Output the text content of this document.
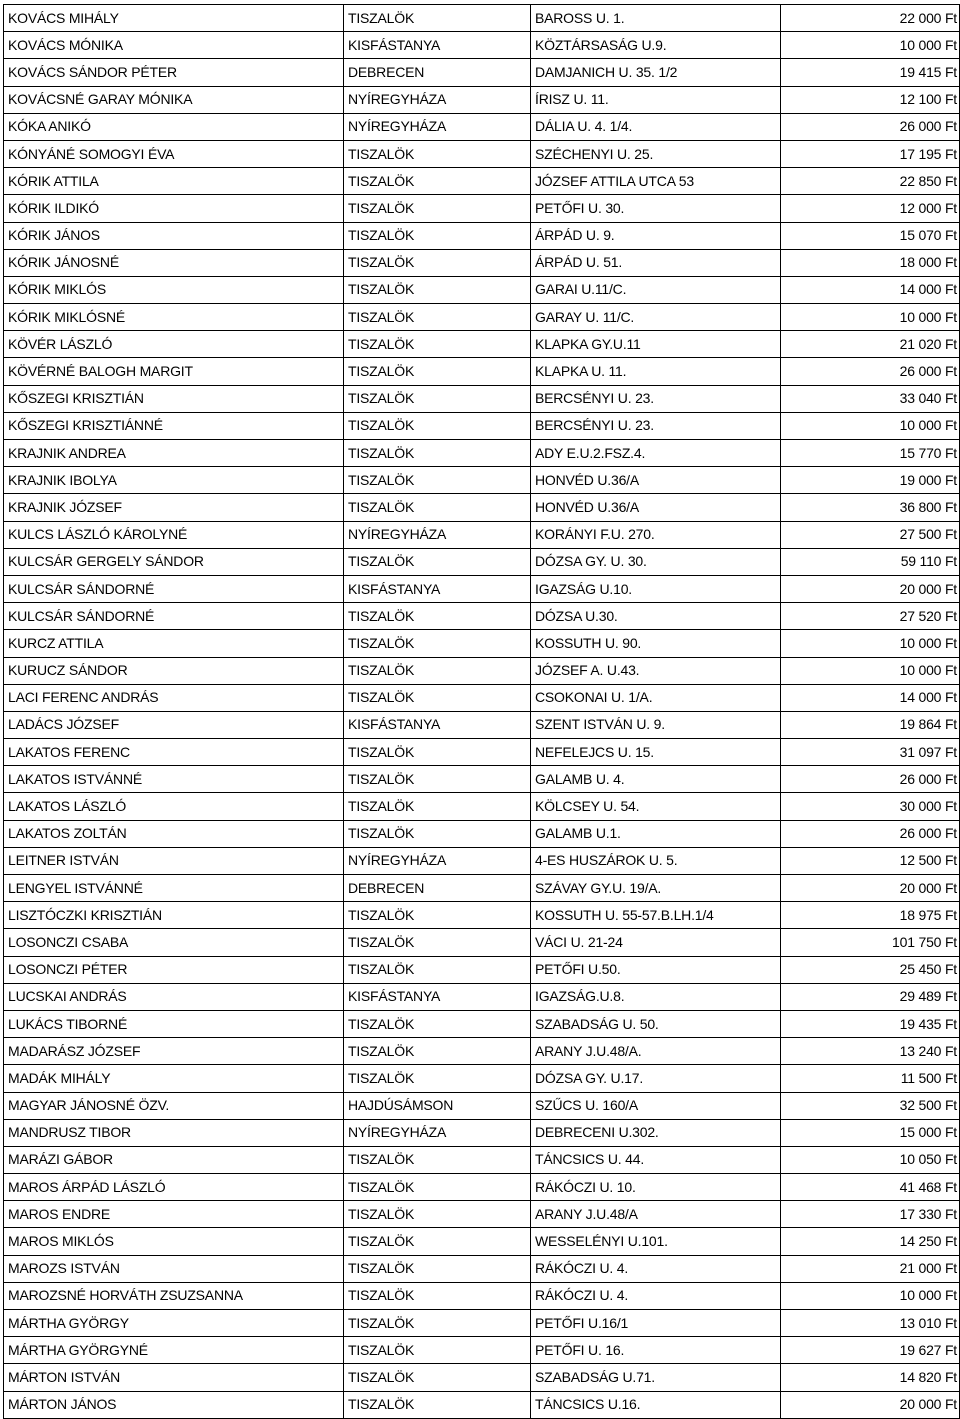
KOVÁCS MIHÁLY	TISZALÖK	BAROSS U. 1.	22 000 Ft
KOVÁCS MÓNIKA	KISFÁSTANYA	KÖZTÁRSASÁG U.9.	10 000 Ft
KOVÁCS SÁNDOR PÉTER	DEBRECEN	DAMJANICH U. 35. 1/2	19 415 Ft
KOVÁCSNÉ GARAY MÓNIKA	NYÍREGYHÁZA	ÍRISZ U. 11.	12 100 Ft
KÓKA ANIKÓ	NYÍREGYHÁZA	DÁLIA U. 4. 1/4.	26 000 Ft
KÓNYÁNÉ SOMOGYI ÉVA	TISZALÖK	SZÉCHENYI U. 25.	17 195 Ft
KÓRIK ATTILA	TISZALÖK	JÓZSEF ATTILA UTCA 53	22 850 Ft
KÓRIK ILDIKÓ	TISZALÖK	PETŐFI U. 30.	12 000 Ft
KÓRIK JÁNOS	TISZALÖK	ÁRPÁD U. 9.	15 070 Ft
KÓRIK JÁNOSNÉ	TISZALÖK	ÁRPÁD U. 51.	18 000 Ft
KÓRIK MIKLÓS	TISZALÖK	GARAI U.11/C.	14 000 Ft
KÓRIK MIKLÓSNÉ	TISZALÖK	GARAY U. 11/C.	10 000 Ft
KÖVÉR LÁSZLÓ	TISZALÖK	KLAPKA GY.U.11	21 020 Ft
KÖVÉRNÉ BALOGH MARGIT	TISZALÖK	KLAPKA U. 11.	26 000 Ft
KŐSZEGI KRISZTIÁN	TISZALÖK	BERCSÉNYI U. 23.	33 040 Ft
KŐSZEGI KRISZTIÁNNÉ	TISZALÖK	BERCSÉNYI U. 23.	10 000 Ft
KRAJNIK ANDREA	TISZALÖK	ADY E.U.2.FSZ.4.	15 770 Ft
KRAJNIK IBOLYA	TISZALÖK	HONVÉD U.36/A	19 000 Ft
KRAJNIK JÓZSEF	TISZALÖK	HONVÉD U.36/A	36 800 Ft
KULCS LÁSZLÓ KÁROLYNÉ	NYÍREGYHÁZA	KORÁNYI F.U. 270.	27 500 Ft
KULCSÁR GERGELY SÁNDOR	TISZALÖK	DÓZSA GY. U. 30.	59 110 Ft
KULCSÁR SÁNDORNÉ	KISFÁSTANYA	IGAZSÁG U.10.	20 000 Ft
KULCSÁR SÁNDORNÉ	TISZALÖK	DÓZSA U.30.	27 520 Ft
KURCZ ATTILA	TISZALÖK	KOSSUTH U. 90.	10 000 Ft
KURUCZ SÁNDOR	TISZALÖK	JÓZSEF A. U.43.	10 000 Ft
LACI FERENC ANDRÁS	TISZALÖK	CSOKONAI U. 1/A.	14 000 Ft
LADÁCS JÓZSEF	KISFÁSTANYA	SZENT ISTVÁN U. 9.	19 864 Ft
LAKATOS FERENC	TISZALÖK	NEFELEJCS U. 15.	31 097 Ft
LAKATOS ISTVÁNNÉ	TISZALÖK	GALAMB U. 4.	26 000 Ft
LAKATOS LÁSZLÓ	TISZALÖK	KÖLCSEY U. 54.	30 000 Ft
LAKATOS ZOLTÁN	TISZALÖK	GALAMB U.1.	26 000 Ft
LEITNER ISTVÁN	NYÍREGYHÁZA	4-ES HUSZÁROK U. 5.	12 500 Ft
LENGYEL ISTVÁNNÉ	DEBRECEN	SZÁVAY GY.U. 19/A.	20 000 Ft
LISZTÓCZKI KRISZTIÁN	TISZALÖK	KOSSUTH U. 55-57.B.LH.1/4	18 975 Ft
LOSONCZI CSABA	TISZALÖK	VÁCI U. 21-24	101 750 Ft
LOSONCZI PÉTER	TISZALÖK	PETŐFI U.50.	25 450 Ft
LUCSKAI ANDRÁS	KISFÁSTANYA	IGAZSÁG.U.8.	29 489 Ft
LUKÁCS TIBORNÉ	TISZALÖK	SZABADSÁG U. 50.	19 435 Ft
MADARÁSZ JÓZSEF	TISZALÖK	ARANY J.U.48/A.	13 240 Ft
MADÁK MIHÁLY	TISZALÖK	DÓZSA GY. U.17.	11 500 Ft
MAGYAR JÁNOSNÉ ÖZV.	HAJDÚSÁMSON	SZŰCS U. 160/A	32 500 Ft
MANDRUSZ TIBOR	NYÍREGYHÁZA	DEBRECENI U.302.	15 000 Ft
MARÁZI GÁBOR	TISZALÖK	TÁNCSICS U. 44.	10 050 Ft
MAROS ÁRPÁD LÁSZLÓ	TISZALÖK	RÁKÓCZI U. 10.	41 468 Ft
MAROS ENDRE	TISZALÖK	ARANY J.U.48/A	17 330 Ft
MAROS MIKLÓS	TISZALÖK	WESSELÉNYI U.101.	14 250 Ft
MAROZS ISTVÁN	TISZALÖK	RÁKÓCZI U. 4.	21 000 Ft
MAROZSNÉ HORVÁTH ZSUZSANNA	TISZALÖK	RÁKÓCZI U. 4.	10 000 Ft
MÁRTHA GYÖRGY	TISZALÖK	PETŐFI U.16/1	13 010 Ft
MÁRTHA GYÖRGYNÉ	TISZALÖK	PETŐFI U. 16.	19 627 Ft
MÁRTON ISTVÁN	TISZALÖK	SZABADSÁG U.71.	14 820 Ft
MÁRTON JÁNOS	TISZALÖK	TÁNCSICS U.16.	20 000 Ft
